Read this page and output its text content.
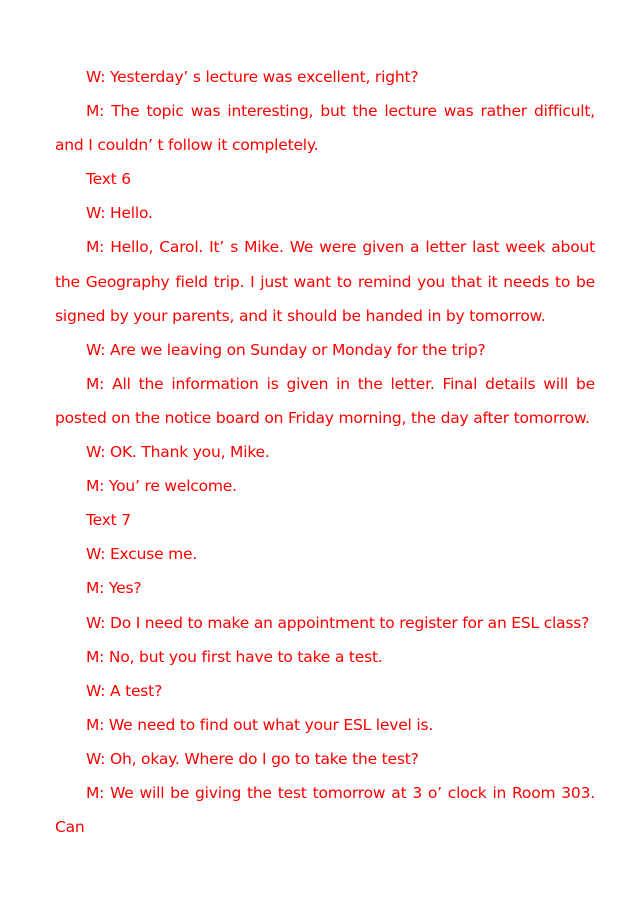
W: Yesterday’ s lecture was excellent, right?

M: The topic was interesting, but the lecture was rather difficult, and I couldn’ t follow it completely.

Text 6

W: Hello.

M: Hello, Carol. It’ s Mike. We were given a letter last week about the Geography field trip. I just want to remind you that it needs to be signed by your parents, and it should be handed in by tomorrow.

W: Are we leaving on Sunday or Monday for the trip?

M: All the information is given in the letter. Final details will be posted on the notice board on Friday morning, the day after tomorrow.

W: OK. Thank you, Mike.

M: You’ re welcome.

Text 7

W: Excuse me.

M: Yes?

W: Do I need to make an appointment to register for an ESL class?

M: No, but you first have to take a test.

W: A test?

M: We need to find out what your ESL level is.

W: Oh, okay. Where do I go to take the test?

M: We will be giving the test tomorrow at 3 o’ clock in Room 303. Can
